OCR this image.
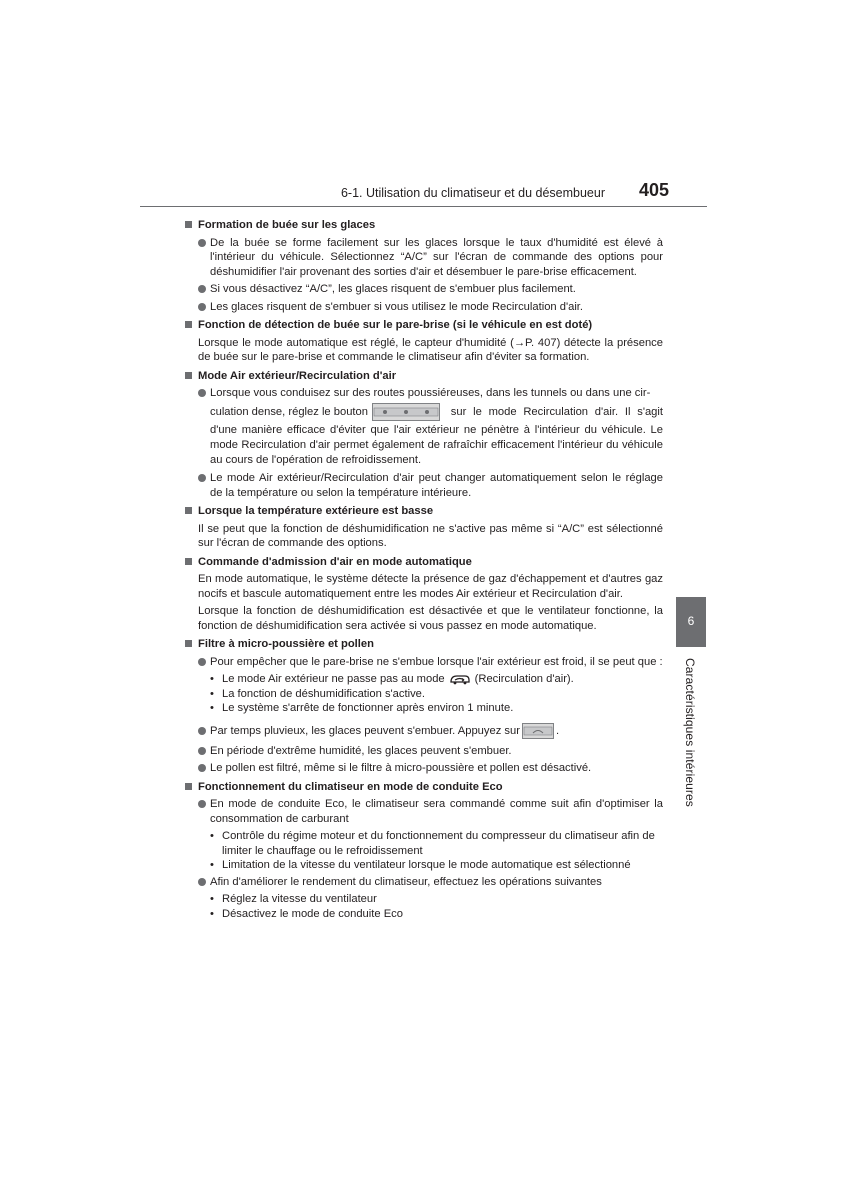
6-1. Utilisation du climatiseur et du désembueur 405
6
Caractéristiques intérieures
Formation de buée sur les glaces
De la buée se forme facilement sur les glaces lorsque le taux d'humidité est élevé à l'intérieur du véhicule. Sélectionnez “A/C” sur l'écran de commande des options pour déshumidifier l'air provenant des sorties d'air et désembuer le pare-brise efficacement.
Si vous désactivez “A/C”, les glaces risquent de s'embuer plus facilement.
Les glaces risquent de s'embuer si vous utilisez le mode Recirculation d'air.
Fonction de détection de buée sur le pare-brise (si le véhicule en est doté)
Lorsque le mode automatique est réglé, le capteur d'humidité (→P. 407) détecte la présence de buée sur le pare-brise et commande le climatiseur afin d'éviter sa formation.
Mode Air extérieur/Recirculation d'air
Lorsque vous conduisez sur des routes poussiéreuses, dans les tunnels ou dans une cir-
culation dense, réglez le bouton	sur le mode Recirculation d'air. Il s'agit d'une manière efficace d'éviter que l'air extérieur ne pénètre à l'intérieur du véhicule. Le mode Recirculation d'air permet également de rafraîchir efficacement l'intérieur du véhicule au cours de l'opération de refroidissement.
Le mode Air extérieur/Recirculation d'air peut changer automatiquement selon le réglage de la température ou selon la température intérieure.
Lorsque la température extérieure est basse
Il se peut que la fonction de déshumidification ne s'active pas même si “A/C” est sélectionné sur l'écran de commande des options.
Commande d'admission d'air en mode automatique
En mode automatique, le système détecte la présence de gaz d'échappement et d'autres gaz nocifs et bascule automatiquement entre les modes Air extérieur et Recirculation d'air.
Lorsque la fonction de déshumidification est désactivée et que le ventilateur fonctionne, la fonction de déshumidification sera activée si vous passez en mode automatique.
Filtre à micro-poussière et pollen
Pour empêcher que le pare-brise ne s'embue lorsque l'air extérieur est froid, il se peut que :
• Le mode Air extérieur ne passe pas au mode	(Recirculation d'air).
• La fonction de déshumidification s'active.
• Le système s'arrête de fonctionner après environ 1 minute.
Par temps pluvieux, les glaces peuvent s'embuer. Appuyez sur	.
En période d'extrême humidité, les glaces peuvent s'embuer.
Le pollen est filtré, même si le filtre à micro-poussière et pollen est désactivé.
Fonctionnement du climatiseur en mode de conduite Eco
En mode de conduite Eco, le climatiseur sera commandé comme suit afin d'optimiser la consommation de carburant
• Contrôle du régime moteur et du fonctionnement du compresseur du climatiseur afin de limiter le chauffage ou le refroidissement
• Limitation de la vitesse du ventilateur lorsque le mode automatique est sélectionné
Afin d'améliorer le rendement du climatiseur, effectuez les opérations suivantes
• Réglez la vitesse du ventilateur
• Désactivez le mode de conduite Eco
